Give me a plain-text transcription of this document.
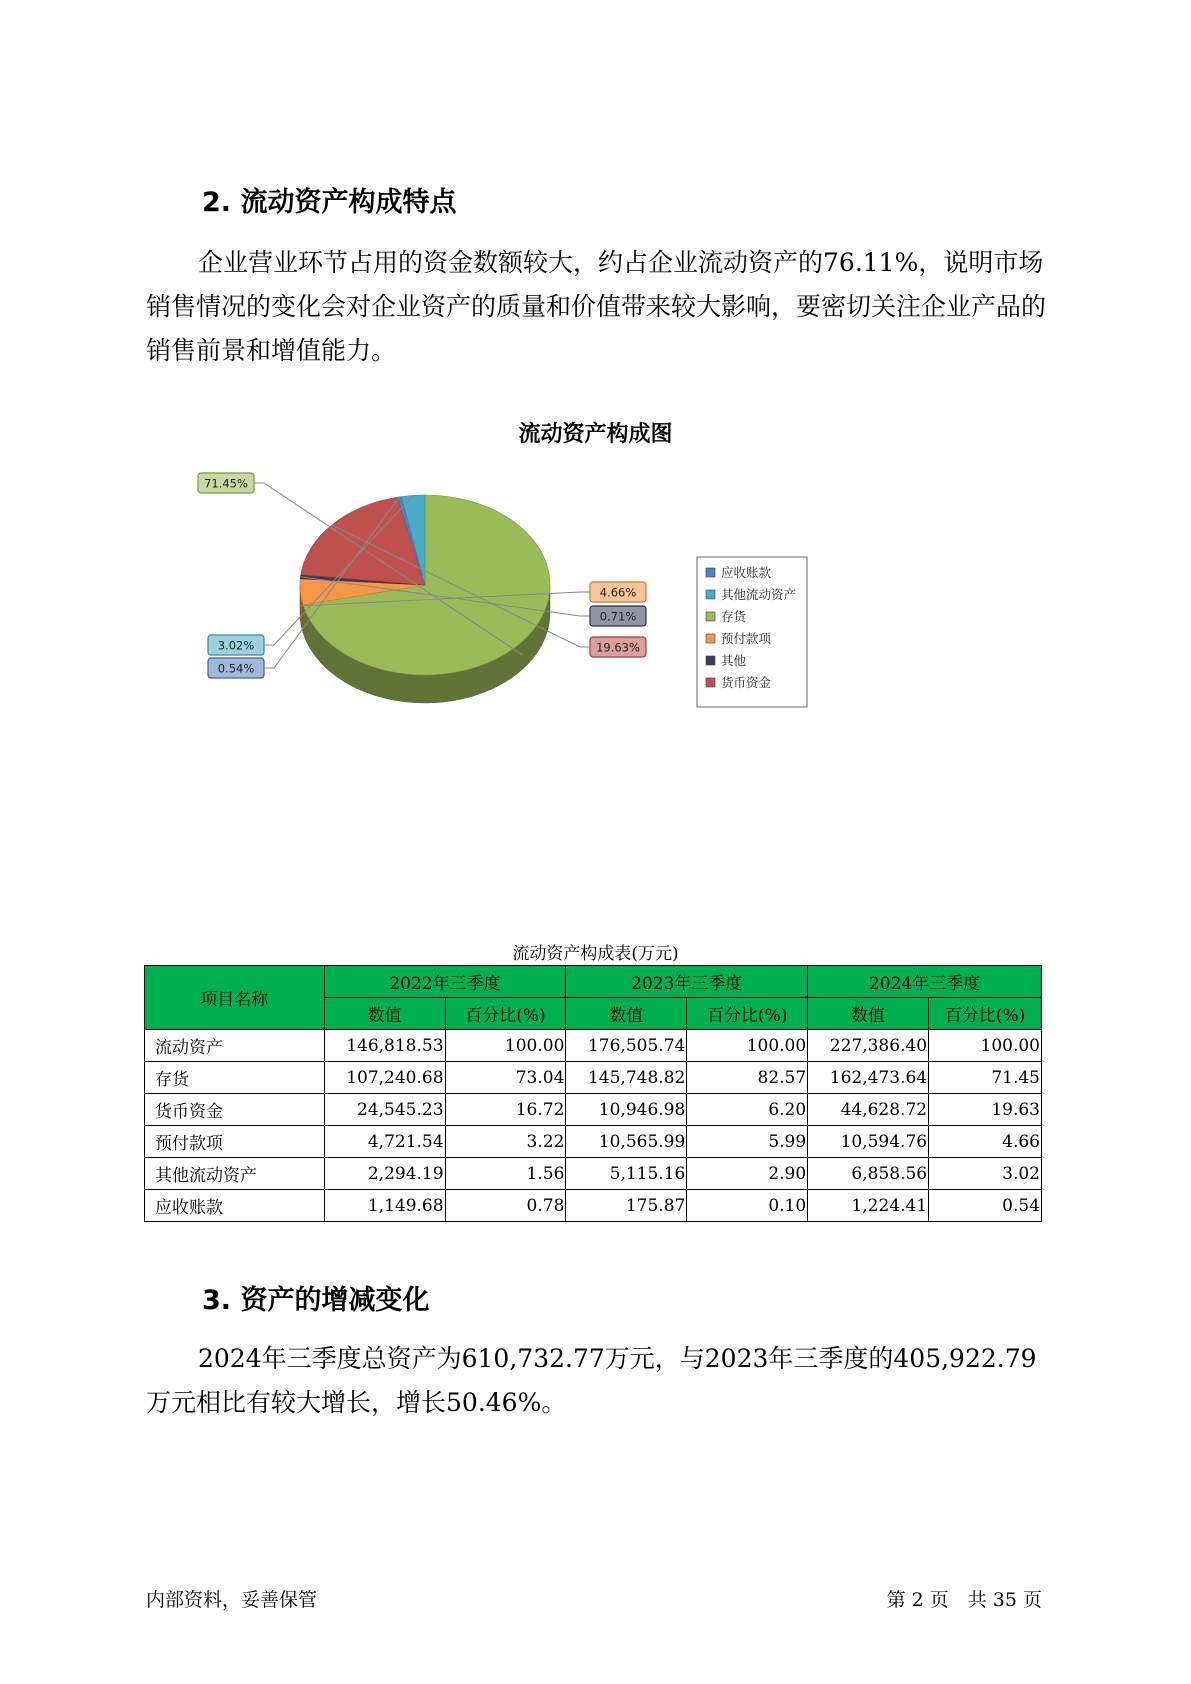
2. 流动资产构成特点

企业营业环节占用的资金数额较大，约占企业流动资产的76.11%，说明市场销售情况的变化会对企业资产的质量和价值带来较大影响，要密切关注企业产品的销售前景和增值能力。

流动资产构成图
71.45%
4.66%
0.71%
19.63%
0.54%
3.02%
应收账款
其他流动资产
存货
预付款项
其他
货币资金
流动资产构成表(万元)
项目名称	2022年三季度		2023年三季度		2024年三季度	
	数值	百分比(%)	数值	百分比(%)	数值	百分比(%)
流动资产	146,818.53	100.00	176,505.74	100.00	227,386.40	100.00
存货	107,240.68	73.04	145,748.82	82.57	162,473.64	71.45
货币资金	24,545.23	16.72	10,946.98	6.20	44,628.72	19.63
预付款项	4,721.54	3.22	10,565.99	5.99	10,594.76	4.66
其他流动资产	2,294.19	1.56	5,115.16	2.90	6,858.56	3.02
应收账款	1,149.68	0.78	175.87	0.10	1,224.41	0.54
3. 资产的增减变化

2024年三季度总资产为610,732.77万元，与2023年三季度的405,922.79万元相比有较大增长，增长50.46%。

内部资料，妥善保管	第 2 页　共 35 页
